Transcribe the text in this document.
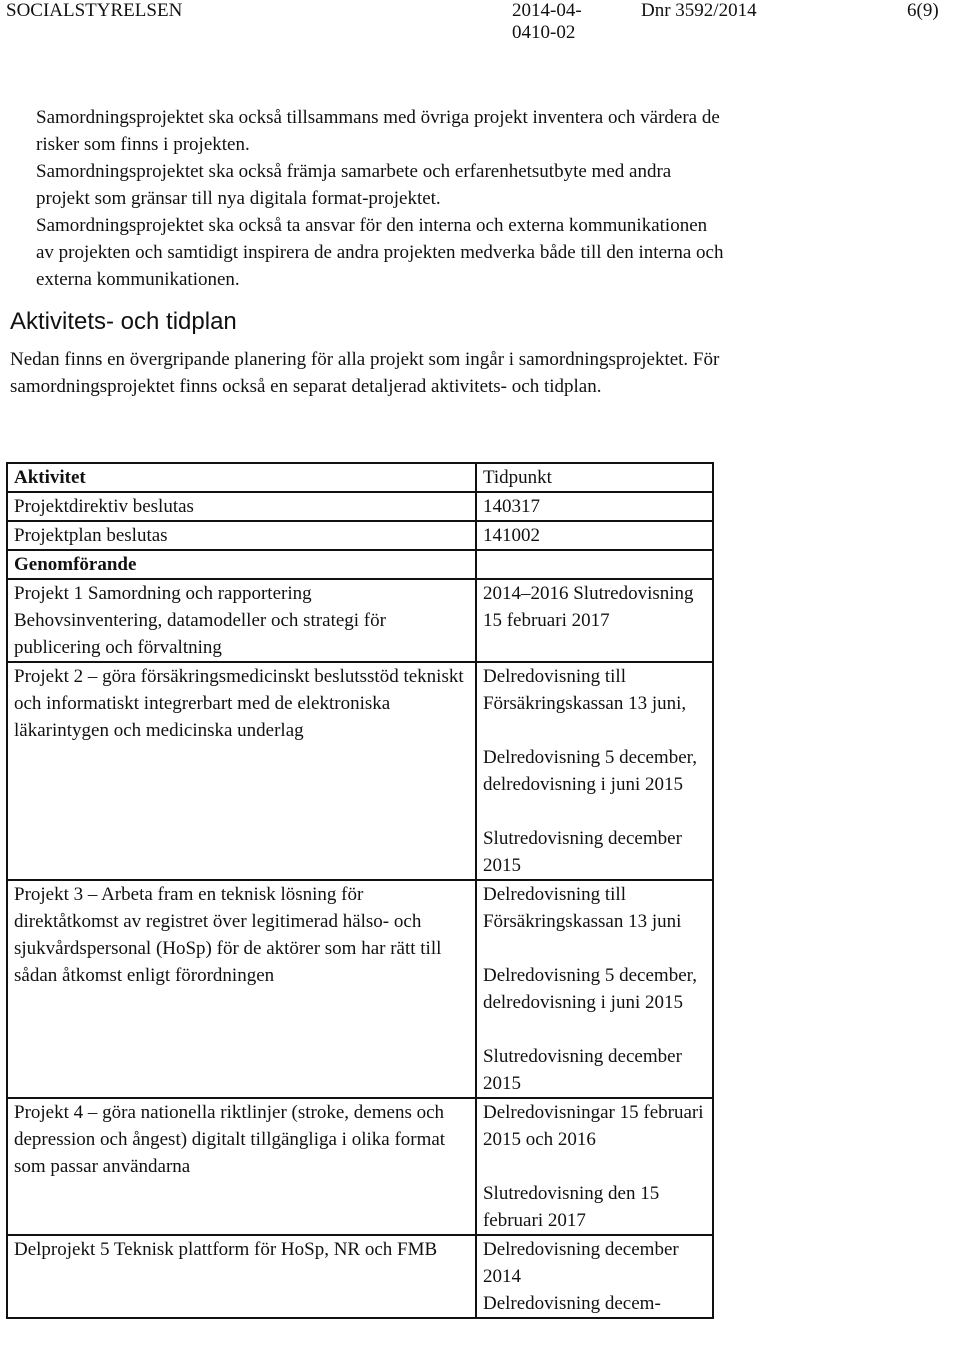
SOCIALSTYRELSEN	2014-04-0410-02
Dnr 3592/2014	6(9)

Samordningsprojektet ska också tillsammans med övriga projekt inventera och värdera de risker som finns i projekten.

Samordningsprojektet ska också främja samarbete och erfarenhetsutbyte med andra projekt som gränsar till nya digitala format-projektet.

Samordningsprojektet ska också ta ansvar för den interna och externa kommunikationen av projekten och samtidigt inspirera de andra projekten medverka både till den interna och externa kommunikationen.

Aktivitets- och tidplan

Nedan finns en övergripande planering för alla projekt som ingår i samordningsprojektet. För samordningsprojektet finns också en separat detaljerad aktivitets- och tidplan.

Aktivitet	Tidpunkt
Projektdirektiv beslutas	140317
Projektplan beslutas	141002
Genomförande	

Projekt 1 Samordning och rapportering
Behovsinventering, datamodeller och strategi för publicering och förvaltning	2014–2016 Slutredovisning 15 februari 2017

Projekt 2 – göra försäkringsmedicinskt beslutsstöd tekniskt och informatiskt integrerbart med de elektroniska läkarintygen och medicinska underlag	Delredovisning till Försäkringskassan 13 juni,
Delredovisning 5 december, delredovisning i juni 2015
Slutredovisning december 2015

Projekt 3 – Arbeta fram en teknisk lösning för direktåtkomst av registret över legitimerad hälso- och sjukvårdspersonal (HoSp) för de aktörer som har rätt till sådan åtkomst enligt förordningen	Delredovisning till Försäkringskassan 13 juni
Delredovisning 5 december, delredovisning i juni 2015
Slutredovisning december 2015

Projekt 4 – göra nationella riktlinjer (stroke, demens och depression och ångest) digitalt tillgängliga i olika format som passar användarna	Delredovisningar 15 februari 2015 och 2016
Slutredovisning den 15 februari 2017

Delprojekt 5 Teknisk plattform för HoSp, NR och FMB	Delredovisning december 2014
Delredovisning decem-
